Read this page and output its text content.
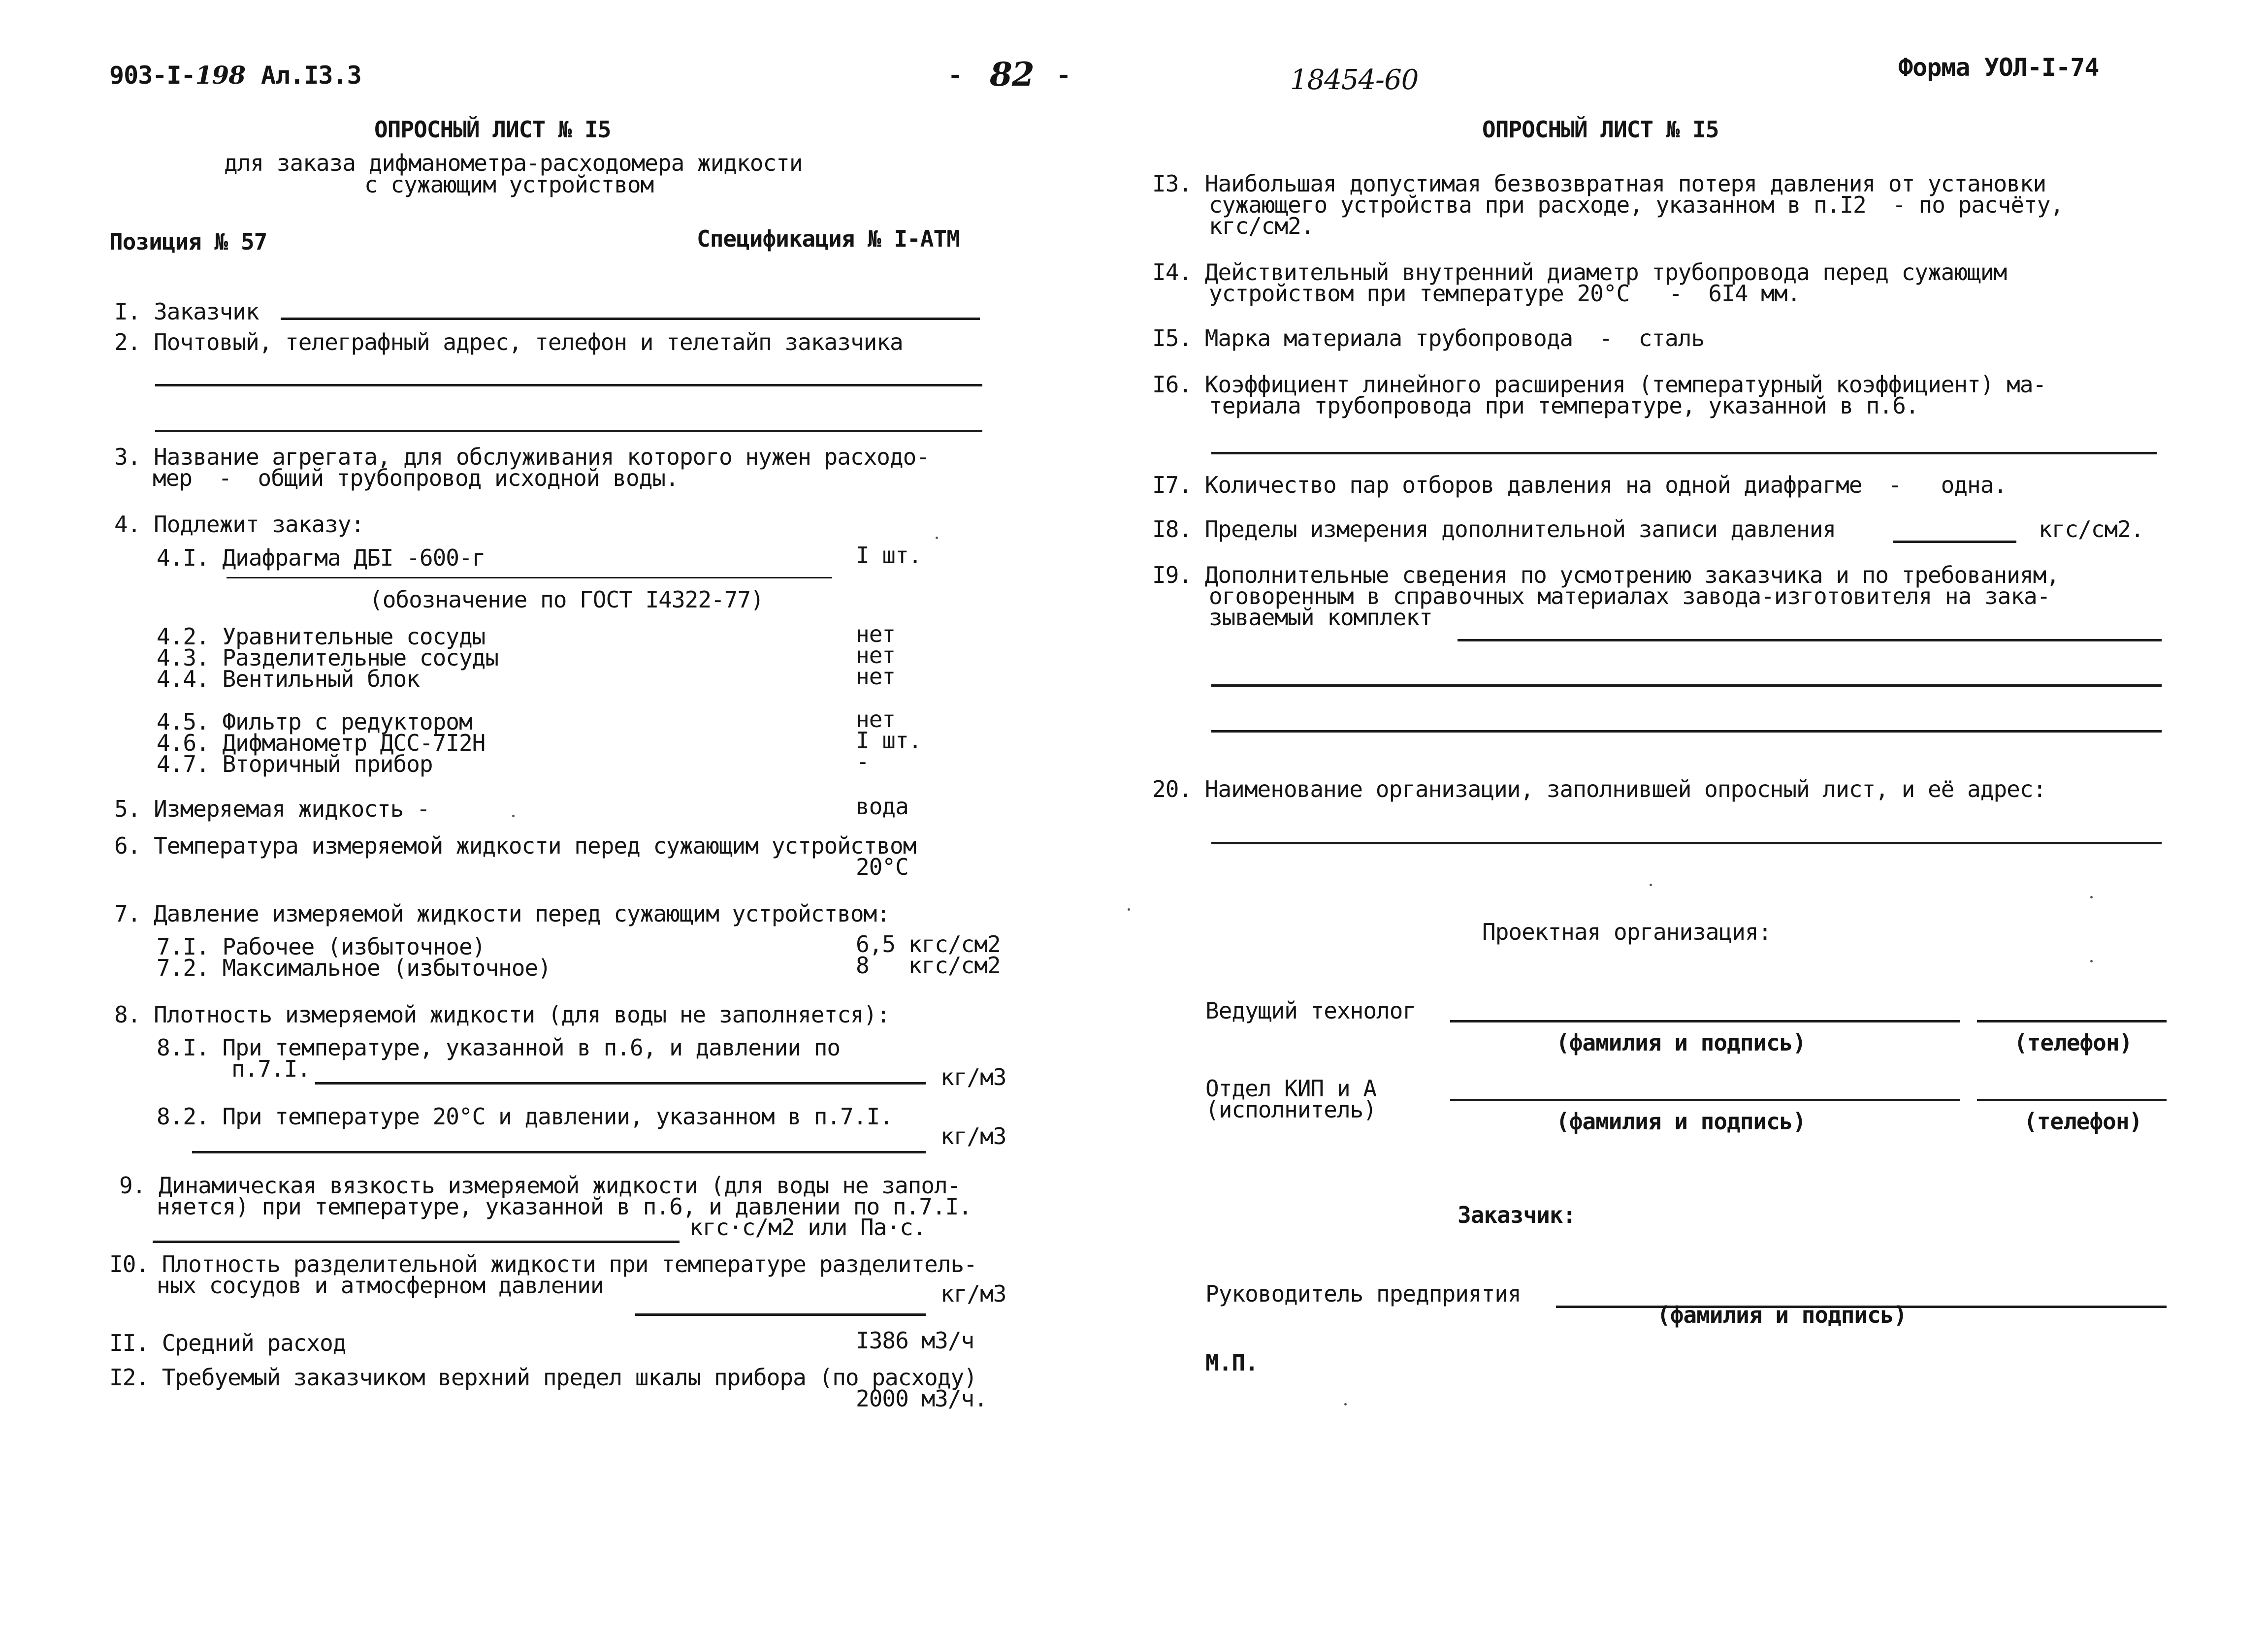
903-I-198 Ал.I3.3	- 82 -	18454-60	Форма УОЛ-I-74
ОПРОСНЫЙ ЛИСТ № I5
для заказа дифманометра-расходомера жидкости
с сужающим устройством
Позиция № 57	Спецификация № I-АТМ
I. Заказчик
2. Почтовый, телеграфный адрес, телефон и телетайп заказчика
3. Название агрегата, для обслуживания которого нужен расходо-
мер  -  общий трубопровод исходной воды.
4. Подлежит заказу:
4.I. Диафрагма ДБI -600-г	I шт.
(обозначение по ГОСТ I4322-77)
4.2. Уравнительные сосуды	нет
4.3. Разделительные сосуды	нет
4.4. Вентильный блок	нет
4.5. Фильтр с редуктором	нет
4.6. Дифманометр ДСС-7I2Н	I шт.
4.7. Вторичный прибор	-
5. Измеряемая жидкость -	вода
6. Температура измеряемой жидкости перед сужающим устройством
20°С
7. Давление измеряемой жидкости перед сужающим устройством:
7.I. Рабочее (избыточное)	6,5 кгс/см2
7.2. Максимальное (избыточное)	8   кгс/см2
8. Плотность измеряемой жидкости (для воды не заполняется):
8.I. При температуре, указанной в п.6, и давлении по
п.7.I.	кг/м3
8.2. При температуре 20°С и давлении, указанном в п.7.I.
кг/м3
9. Динамическая вязкость измеряемой жидкости (для воды не запол-
няется) при температуре, указанной в п.6, и давлении по п.7.I.
кгс·с/м2 или Па·с.
I0. Плотность разделительной жидкости при температуре разделитель-
ных сосудов и атмосферном давлении	кг/м3
II. Средний расход	I386 м3/ч
I2. Требуемый заказчиком верхний предел шкалы прибора (по расходу)
2000 м3/ч.
ОПРОСНЫЙ ЛИСТ № I5
I3. Наибольшая допустимая безвозвратная потеря давления от установки
сужающего устройства при расходе, указанном в п.I2  - по расчёту,
кгс/см2.
I4. Действительный внутренний диаметр трубопровода перед сужающим
устройством при температуре 20°С   -  6I4 мм.
I5. Марка материала трубопровода  -  сталь
I6. Коэффициент линейного расширения (температурный коэффициент) ма-
териала трубопровода при температуре, указанной в п.6.
I7. Количество пар отборов давления на одной диафрагме  -   одна.
I8. Пределы измерения дополнительной записи давления	кгс/см2.
I9. Дополнительные сведения по усмотрению заказчика и по требованиям,
оговоренным в справочных материалах завода-изготовителя на зака-
зываемый комплект
20. Наименование организации, заполнившей опросный лист, и её адрес:
Проектная организация:
Ведущий технолог
(фамилия и подпись)	(телефон)
Отдел КИП и А
(исполнитель)	(фамилия и подпись)	(телефон)
Заказчик:
Руководитель предприятия
(фамилия и подпись)
М.П.
